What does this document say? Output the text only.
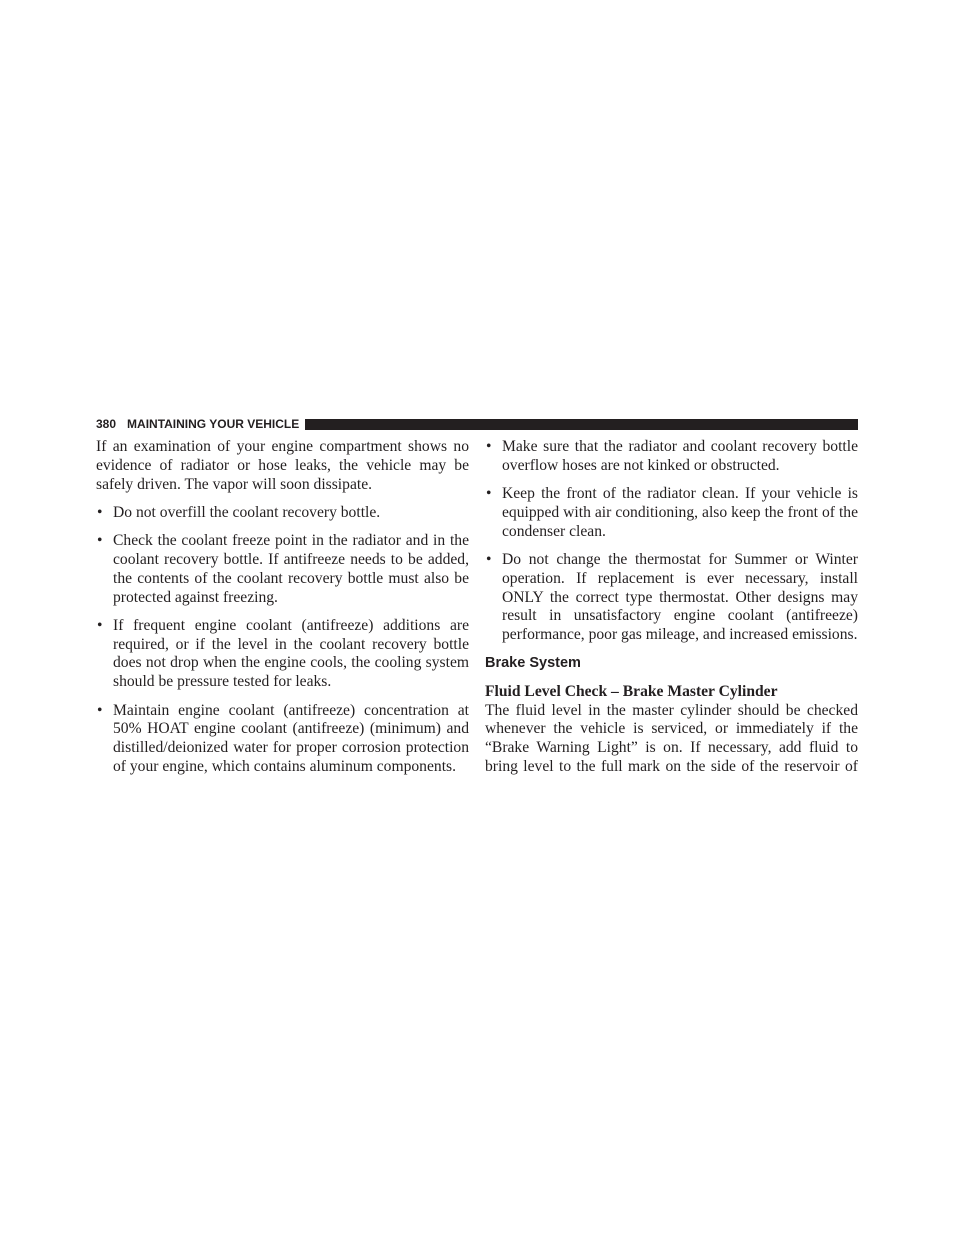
380 MAINTAINING YOUR VEHICLE

If an examination of your engine compartment shows no evidence of radiator or hose leaks, the vehicle may be safely driven. The vapor will soon dissipate.

• Do not overfill the coolant recovery bottle.
• Check the coolant freeze point in the radiator and in the coolant recovery bottle. If antifreeze needs to be added, the contents of the coolant recovery bottle must also be protected against freezing.
• If frequent engine coolant (antifreeze) additions are required, or if the level in the coolant recovery bottle does not drop when the engine cools, the cooling system should be pressure tested for leaks.
• Maintain engine coolant (antifreeze) concentration at 50% HOAT engine coolant (antifreeze) (minimum) and distilled/deionized water for proper corrosion protection of your engine, which contains aluminum components.
• Make sure that the radiator and coolant recovery bottle overflow hoses are not kinked or obstructed.
• Keep the front of the radiator clean. If your vehicle is equipped with air conditioning, also keep the front of the condenser clean.
• Do not change the thermostat for Summer or Winter operation. If replacement is ever necessary, install ONLY the correct type thermostat. Other designs may result in unsatisfactory engine coolant (antifreeze) performance, poor gas mileage, and increased emissions.
Brake System
Fluid Level Check – Brake Master Cylinder

The fluid level in the master cylinder should be checked whenever the vehicle is serviced, or immediately if the “Brake Warning Light” is on. If necessary, add fluid to bring level to the full mark on the side of the reservoir of
